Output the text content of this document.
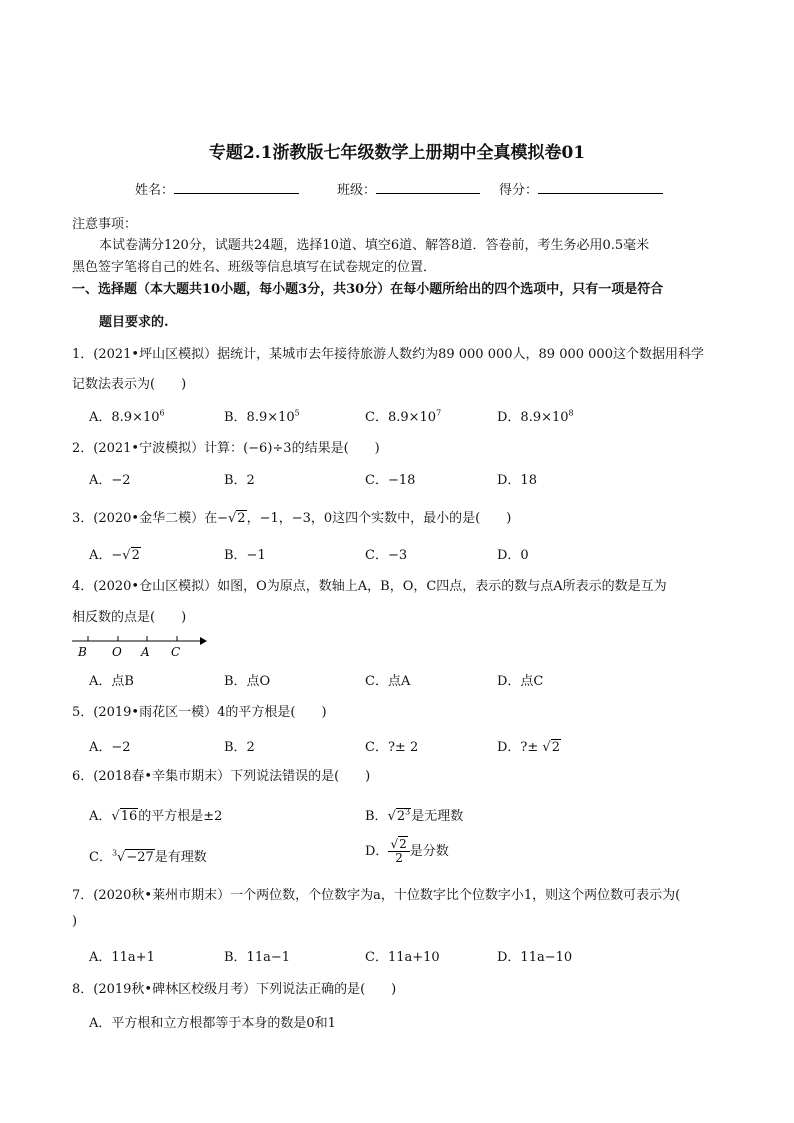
专题2.1浙教版七年级数学上册期中全真模拟卷01
姓名：	班级：	得分：
注意事项：
本试卷满分120分，试题共24题，选择10道、填空6道、解答8道．答卷前，考生务必用0.5毫米
黑色签字笔将自己的姓名、班级等信息填写在试卷规定的位置．
一、选择题（本大题共10小题，每小题3分，共30分）在每小题所给出的四个选项中，只有一项是符合
题目要求的.
1．(2021•坪山区模拟）据统计，某城市去年接待旅游人数约为89 000 000人，89 000 000这个数据用科学
记数法表示为(　　)
A．$8.9\times 10^6$	B．$8.9\times 10^5$	C．$8.9\times 10^7$	D．$8.9\times 10^8$
2．(2021•宁波模拟）计算：(−6)÷3的结果是(　　)
A．−2	B．2	C．−18	D．18
3．(2020•金华二模）在−√2，−1，−3，0这四个实数中，最小的是(　　)
A．−√2	B．−1	C．−3	D．0
4．(2020•仓山区模拟）如图，O为原点，数轴上A，B，O，C四点，表示的数与点A所表示的数是互为
相反数的点是(　　)
B O A C
A．点B	B．点O	C．点A	D．点C
5．(2019•雨花区一模）4的平方根是(　　)
A．−2	B．2	C．?± 2	D．?± √2
6．(2018春•辛集市期末）下列说法错误的是(　　)
A．√16的平方根是±2	B．$√2^3$是无理数
C．$^3$√−27是有理数	D． $\frac{√2}{2}$是分数
7．(2020秋•莱州市期末）一个两位数，个位数字为a，十位数字比个位数字小1，则这个两位数可表示为(
)
A．11a+1	B．11a−1	C．11a+10	D．11a−10
8．(2019秋•碑林区校级月考）下列说法正确的是(　　)
A．平方根和立方根都等于本身的数是0和1
